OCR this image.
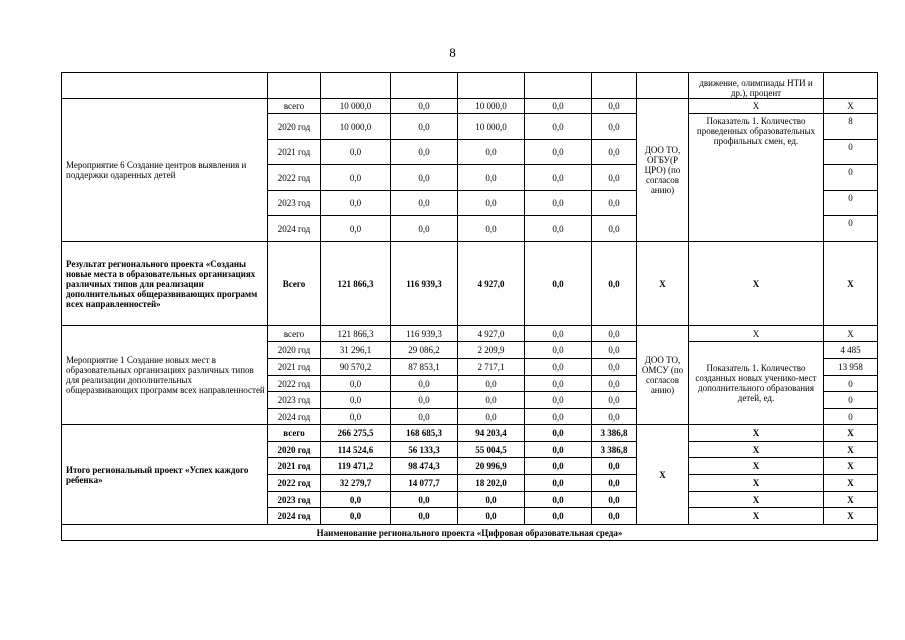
8
								движение, олимпиады НТИ и др.), процент	
Мероприятие 6 Создание центров выявления и поддержки одаренных детей	всего	10 000,0	0,0	10 000,0	0,0	0,0	ДОО ТО, ОГБУ(Р ЦРО) (по согласов анию)	X	X
	2020 год	10 000,0	0,0	10 000,0	0,0	0,0		Показатель 1. Количество проведенных образовательных профильных смен, ед.	8
	2021 год	0,0	0,0	0,0	0,0	0,0			0
	2022 год	0,0	0,0	0,0	0,0	0,0			0
	2023 год	0,0	0,0	0,0	0,0	0,0			0
	2024 год	0,0	0,0	0,0	0,0	0,0			0
Результат регионального проекта «Созданы новые места в образовательных организациях различных типов для реализации дополнительных общеразвивающих программ всех направленностей»	Всего	121 866,3	116 939,3	4 927,0	0,0	0,0	X	X	X
Мероприятие 1 Создание новых мест в образовательных организациях различных типов для реализации дополнительных общеразвивающих программ всех направленностей	всего	121 866,3	116 939,3	4 927,0	0,0	0,0	ДОО ТО, ОМСУ (по согласов анию)	X	X
	2020 год	31 296,1	29 086,2	2 209,9	0,0	0,0		Показатель 1. Количество созданных новых ученико-мест дополнительного образования детей, ед.	4 485
	2021 год	90 570,2	87 853,1	2 717,1	0,0	0,0			13 958
	2022 год	0,0	0,0	0,0	0,0	0,0			0
	2023 год	0,0	0,0	0,0	0,0	0,0			0
	2024 год	0,0	0,0	0,0	0,0	0,0			0
Итого региональный проект «Успех каждого ребенка»	всего	266 275,5	168 685,3	94 203,4	0,0	3 386,8	X	X	X
	2020 год	114 524,6	56 133,3	55 004,5	0,0	3 386,8		X	X
	2021 год	119 471,2	98 474,3	20 996,9	0,0	0,0		X	X
	2022 год	32 279,7	14 077,7	18 202,0	0,0	0,0		X	X
	2023 год	0,0	0,0	0,0	0,0	0,0		X	X
	2024 год	0,0	0,0	0,0	0,0	0,0		X	X
Наименование регионального проекта «Цифровая образовательная среда»									
